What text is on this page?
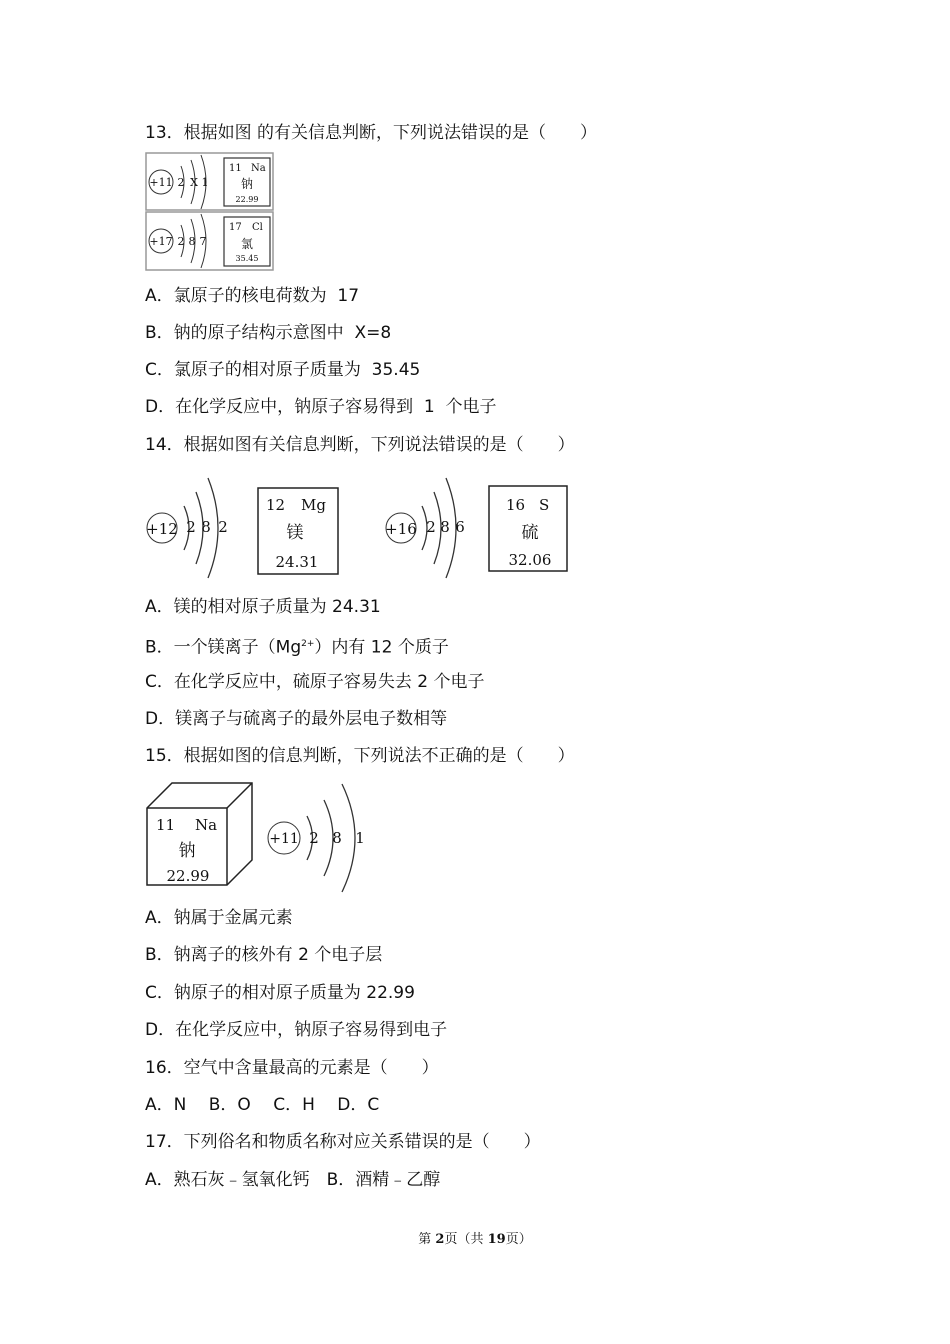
13．根据如图 的有关信息判断，下列说法错误的是（　　）
+11 2 X 1
11 Na
钠
22.99
+17 2 8 7
17 Cl
氯
35.45
A．氯原子的核电荷数为  17
B．钠的原子结构示意图中  X=8
C．氯原子的相对原子质量为  35.45
D．在化学反应中，钠原子容易得到  1  个电子
14．根据如图有关信息判断，下列说法错误的是（　　）
+12 2 8 2
12 Mg
镁
24.31
+16 2 8 6
16 S
硫
32.06
A．镁的相对原子质量为 24.31
B．一个镁离子$(Mg^{2+})$内有 12 个质子
C．在化学反应中，硫原子容易失去 2 个电子
D．镁离子与硫离子的最外层电子数相等
15．根据如图的信息判断，下列说法不正确的是（　　）
11 Na
钠
22.99
+11 2 8 1
A．钠属于金属元素
B．钠离子的核外有 2 个电子层
C．钠原子的相对原子质量为 22.99
D．在化学反应中，钠原子容易得到电子
16．空气中含量最高的元素是（　　）
A．N　 B．O　 C．H　 D．C
17．下列俗名和物质名称对应关系错误的是（　　）
A．熟石灰﹣氢氧化钙　B．酒精﹣乙醇
第 2页（共 19页）
